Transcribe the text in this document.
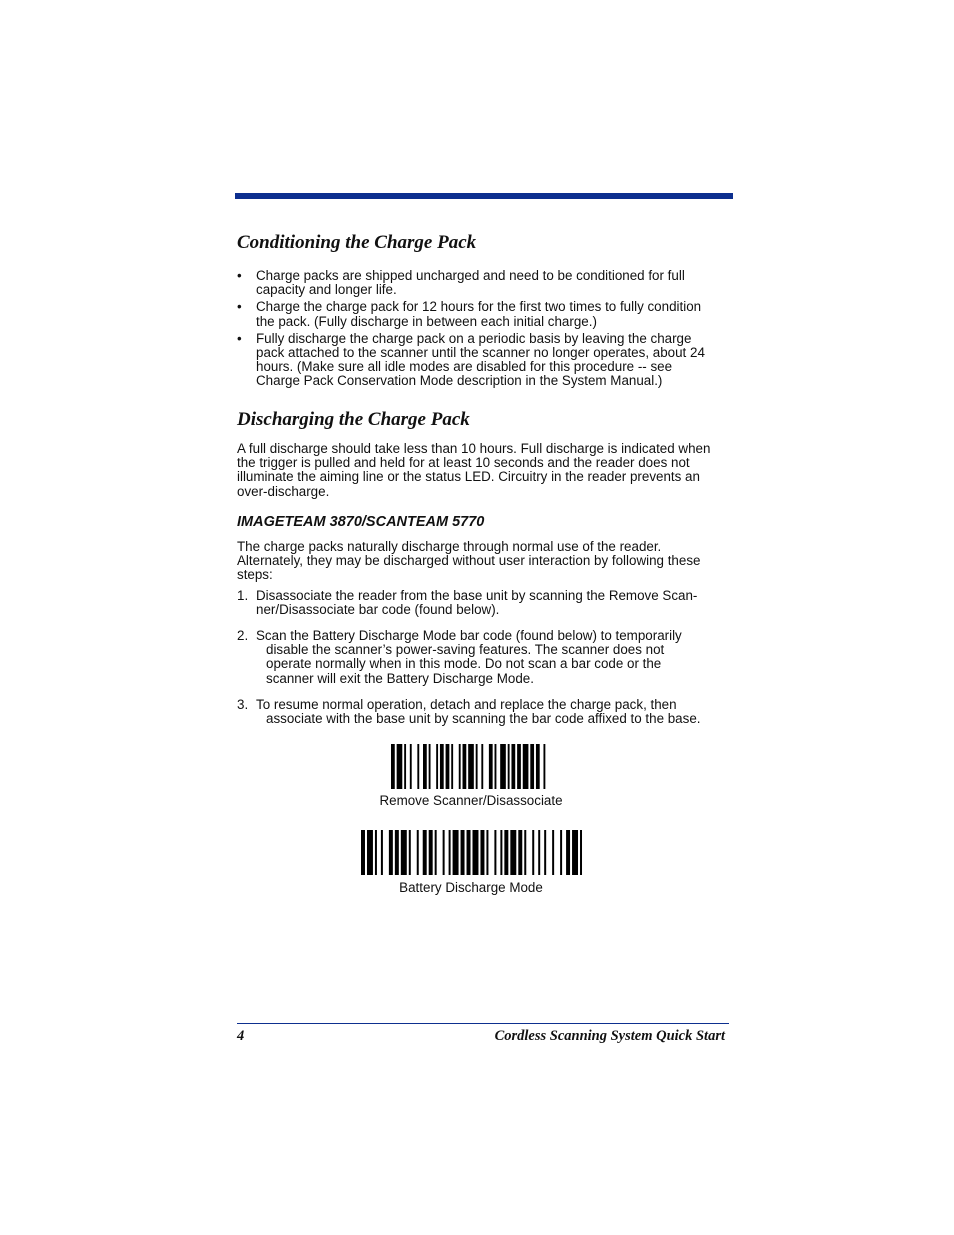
Conditioning the Charge Pack
• Charge packs are shipped uncharged and need to be conditioned for full
capacity and longer life.
• Charge the charge pack for 12 hours for the first two times to fully condition
the pack. (Fully discharge in between each initial charge.)
• Fully discharge the charge pack on a periodic basis by leaving the charge
pack attached to the scanner until the scanner no longer operates, about 24
hours. (Make sure all idle modes are disabled for this procedure -- see
Charge Pack Conservation Mode description in the System Manual.)
Discharging the Charge Pack
A full discharge should take less than 10 hours. Full discharge is indicated when
the trigger is pulled and held for at least 10 seconds and the reader does not
illuminate the aiming line or the status LED. Circuitry in the reader prevents an
over-discharge.
IMAGETEAM 3870/SCANTEAM 5770
The charge packs naturally discharge through normal use of the reader.
Alternately, they may be discharged without user interaction by following these
steps:
1. Disassociate the reader from the base unit by scanning the Remove Scan-
ner/Disassociate bar code (found below).
2. Scan the Battery Discharge Mode bar code (found below) to temporarily
disable the scanner’s power-saving features. The scanner does not
operate normally when in this mode. Do not scan a bar code or the
scanner will exit the Battery Discharge Mode.
3. To resume normal operation, detach and replace the charge pack, then
associate with the base unit by scanning the bar code affixed to the base.
Remove Scanner/Disassociate
Battery Discharge Mode

4	Cordless Scanning System Quick Start
